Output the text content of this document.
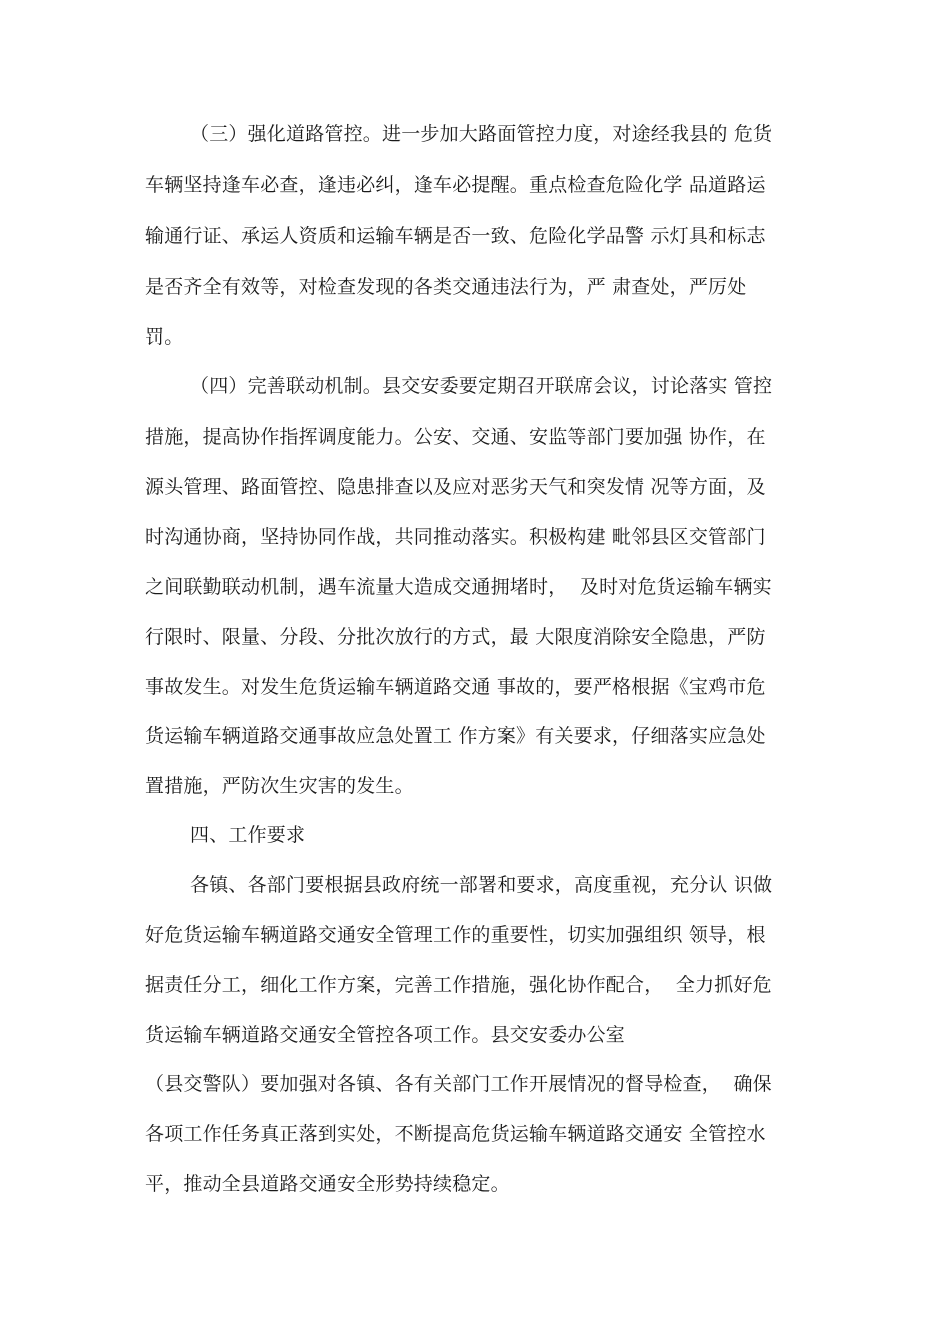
（三）强化道路管控。进一步加大路面管控力度，对途经我县的 危货
车辆坚持逢车必查，逢违必纠，逢车必提醒。重点检查危险化学 品道路运
输通行证、承运人资质和运输车辆是否一致、危险化学品警 示灯具和标志
是否齐全有效等，对检查发现的各类交通违法行为，严 肃查处，严厉处
罚。
（四）完善联动机制。县交安委要定期召开联席会议，讨论落实 管控
措施，提高协作指挥调度能力。公安、交通、安监等部门要加强 协作，在
源头管理、路面管控、隐患排查以及应对恶劣天气和突发情 况等方面，及
时沟通协商，坚持协同作战，共同推动落实。积极构建 毗邻县区交管部门
之间联勤联动机制，遇车流量大造成交通拥堵时，  及时对危货运输车辆实
行限时、限量、分段、分批次放行的方式，最 大限度消除安全隐患，严防
事故发生。对发生危货运输车辆道路交通 事故的，要严格根据《宝鸡市危
货运输车辆道路交通事故应急处置工 作方案》有关要求，仔细落实应急处
置措施，严防次生灾害的发生。
四、工作要求
各镇、各部门要根据县政府统一部署和要求，高度重视，充分认 识做
好危货运输车辆道路交通安全管理工作的重要性，切实加强组织 领导，根
据责任分工，细化工作方案，完善工作措施，强化协作配合，  全力抓好危
货运输车辆道路交通安全管控各项工作。县交安委办公室
（县交警队）要加强对各镇、各有关部门工作开展情况的督导检查，  确保
各项工作任务真正落到实处，不断提高危货运输车辆道路交通安 全管控水
平，推动全县道路交通安全形势持续稳定。
